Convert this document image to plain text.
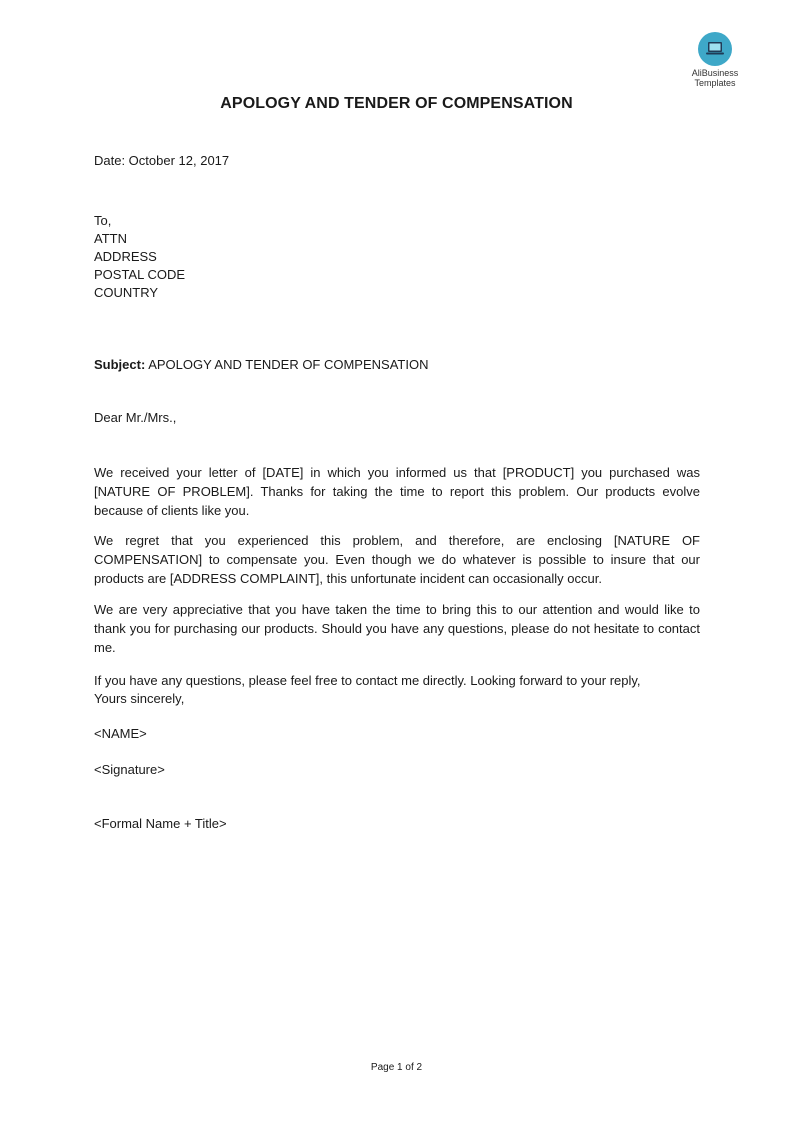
AliBusiness
Templates
APOLOGY AND TENDER OF COMPENSATION
Date: October 12, 2017
To,
ATTN
ADDRESS
POSTAL CODE
COUNTRY
Subject: APOLOGY AND TENDER OF COMPENSATION
Dear Mr./Mrs.,
We received your letter of [DATE] in which you informed us that [PRODUCT] you purchased was [NATURE OF PROBLEM]. Thanks for taking the time to report this problem. Our products evolve because of clients like you.
We regret that you experienced this problem, and therefore, are enclosing [NATURE OF COMPENSATION] to compensate you. Even though we do whatever is possible to insure that our products are [ADDRESS COMPLAINT], this unfortunate incident can occasionally occur.
We are very appreciative that you have taken the time to bring this to our attention and would like to thank you for purchasing our products. Should you have any questions, please do not hesitate to contact me.
If you have any questions, please feel free to contact me directly. Looking forward to your reply,
Yours sincerely,
<NAME>
<Signature>
<Formal Name + Title>
Page 1 of 2
